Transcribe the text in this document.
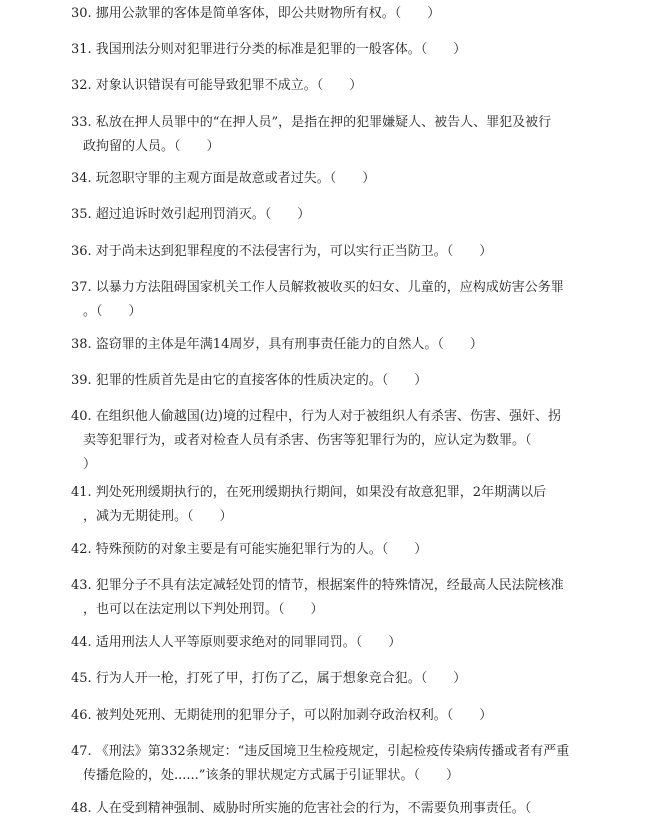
30. 挪用公款罪的客体是简单客体，即公共财物所有权。（　　）
31. 我国刑法分则对犯罪进行分类的标准是犯罪的一般客体。（　　）
32. 对象认识错误有可能导致犯罪不成立。（　　）
33. 私放在押人员罪中的“在押人员”，是指在押的犯罪嫌疑人、被告人、罪犯及被行
政拘留的人员。（　　）
34. 玩忽职守罪的主观方面是故意或者过失。（　　）
35. 超过追诉时效引起刑罚消灭。（　　）
36. 对于尚未达到犯罪程度的不法侵害行为，可以实行正当防卫。（　　）
37. 以暴力方法阻碍国家机关工作人员解救被收买的妇女、儿童的，应构成妨害公务罪
。（　　）
38. 盗窃罪的主体是年满14周岁，具有刑事责任能力的自然人。（　　）
39. 犯罪的性质首先是由它的直接客体的性质决定的。（　　）
40. 在组织他人偷越国(边)境的过程中，行为人对于被组织人有杀害、伤害、强奸、拐
卖等犯罪行为，或者对检查人员有杀害、伤害等犯罪行为的，应认定为数罪。（
）
41. 判处死刑缓期执行的，在死刑缓期执行期间，如果没有故意犯罪，2年期满以后
，减为无期徒刑。（　　）
42. 特殊预防的对象主要是有可能实施犯罪行为的人。（　　）
43. 犯罪分子不具有法定减轻处罚的情节，根据案件的特殊情况，经最高人民法院核准
，也可以在法定刑以下判处刑罚。（　　）
44. 适用刑法人人平等原则要求绝对的同罪同罚。（　　）
45. 行为人开一枪，打死了甲，打伤了乙，属于想象竞合犯。（　　）
46. 被判处死刑、无期徒刑的犯罪分子，可以附加剥夺政治权利。（　　）
47. 《刑法》第332条规定：“违反国境卫生检疫规定，引起检疫传染病传播或者有严重
传播危险的，处......”该条的罪状规定方式属于引证罪状。（　　）
48. 人在受到精神强制、威胁时所实施的危害社会的行为，不需要负刑事责任。（
